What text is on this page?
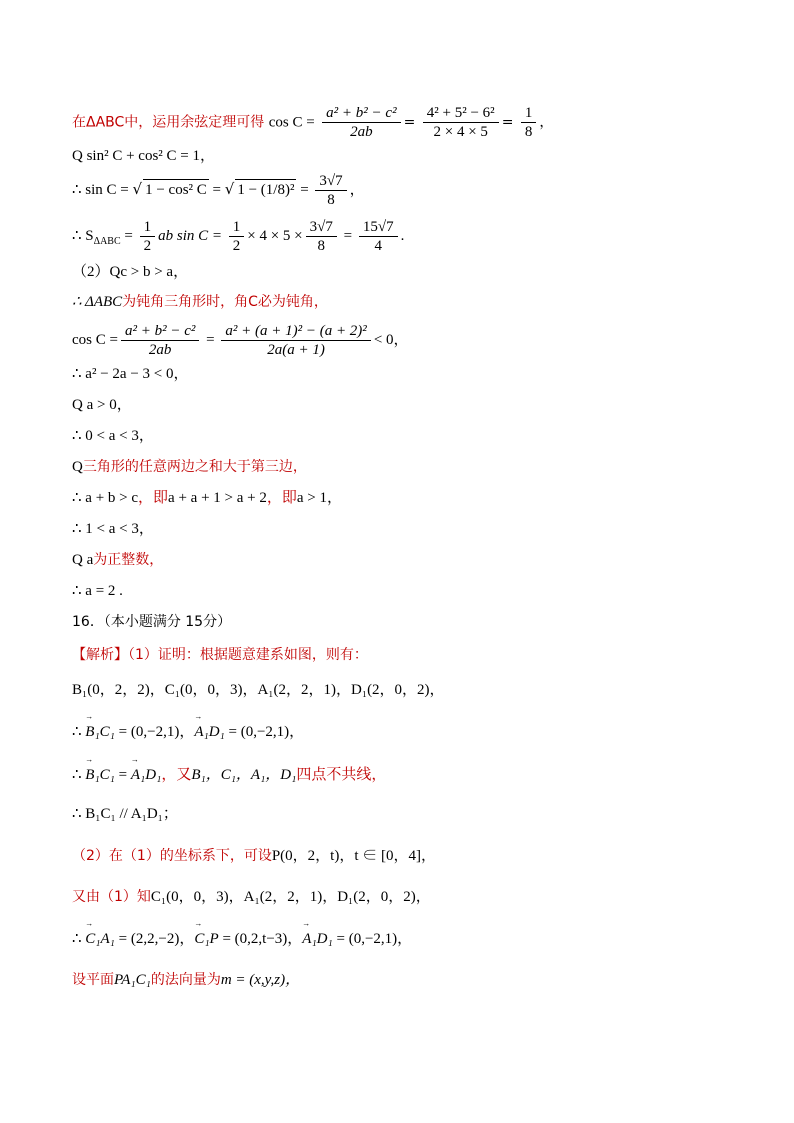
在ΔABC中，运用余弦定理可得 $\cos C = \frac{\text{a² + b² − c²}}{2ab} = \frac{\text{4² + 5² − 6²}}{2 \times 4 \times 5} = \frac{1}{8}$ ，
Q sin² C + cos² C = 1，
∴ sin C = √ 1 − cos² C = √ $1 - (1/8)^2 = \frac{3√7}{8}$ ，
∴ $S_{\Delta ABC} = \frac{1}{2}$ ab $\sin C = \frac{1}{2} \times 4 \times 5 \times \frac{3√7}{8} = \frac{15√7}{4}$ .
（2）Qc > b > a，
∴ ΔABC为钝角三角形时，角C必为钝角，
$\cos C = \frac{\text{a² + b² − c²}}{2ab} = \frac{\text{a² + (a + 1)² − (a + 2)²}}{2a(a + 1)} < 0$，
∴ a² − 2a − 3 < 0，
Q a > 0，
∴ 0 < a < 3，
Q三角形的任意两边之和大于第三边，
∴ a + b > c，即a + a + 1 > a + 2，即a > 1，
∴ 1 < a < 3，
Q a为正整数，
∴ a = 2 .
16．（本小题满分 15分）
【解析】（1）证明：根据题意建系如图，则有：
B₁(0，2，2)，C₁(0，0，3)，A₁(2，2，1)，D₁(2，0，2)，
∴
→
B₁C₁ = (0,−2,1)，
→
A₁D₁ = (0,−2,1)，
∴
→
B₁C₁ =
→
A₁D₁，又B₁，C₁，A₁，D₁四点不共线，
∴ B₁C₁ // A₁D₁；
（2）在（1）的坐标系下，可设P(0，2，t)，t ∈ [0，4]，
又由（1）知C₁(0，0，3)，A₁(2，2，1)，D₁(2，0，2)，
∴
→
C₁A₁ = (2,2,−2)，
→
C₁P = (0,2,t−3)，
→
A₁D₁ = (0,−2,1)，
设平面PA₁C₁的法向量为m = (x,y,z)，
